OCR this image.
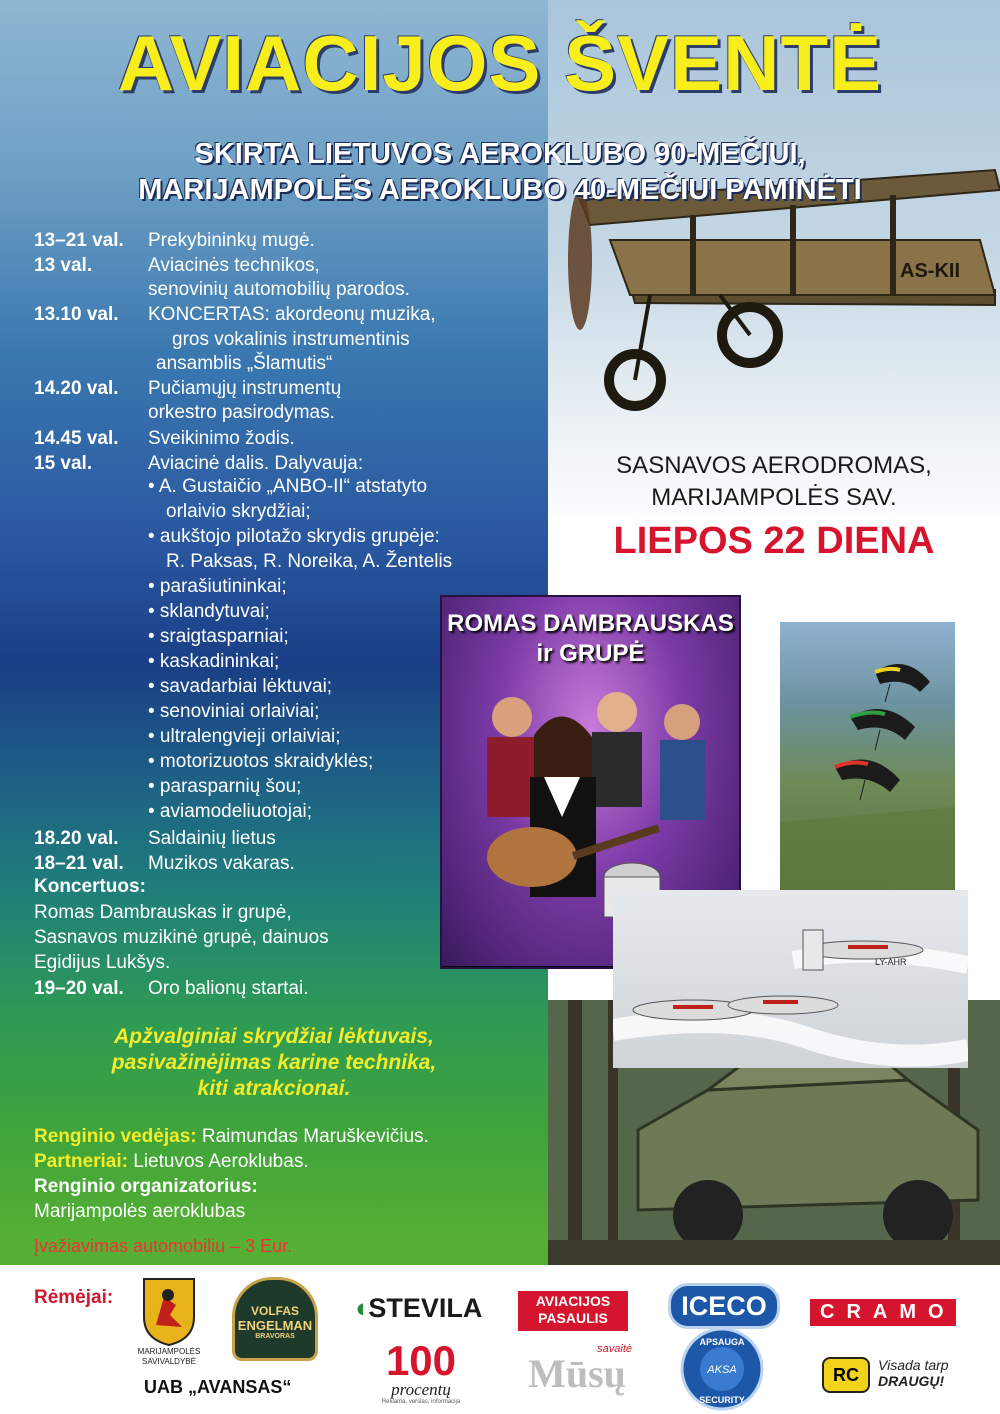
AS-KII
AVIACIJOS ŠVENTĖ
SKIRTA LIETUVOS AEROKLUBO 90-MEČIUI,
MARIJAMPOLĖS AEROKLUBO 40-MEČIUI PAMINĖTI
13–21 val. Prekybininkų mugė.
13 val.	Aviacinės technikos,
senovinių automobilių parodos.
13.10 val. KONCERTAS: akordeonų muzika,
gros vokalinis instrumentinis
ansamblis „Šlamutis“
14.20 val. Pučiamųjų instrumentų
orkestro pasirodymas.
14.45 val. Sveikinimo žodis.
15 val.	Aviacinė dalis. Dalyvauja:
• A. Gustaičio „ANBO-II“ atstatyto
orlaivio skrydžiai;
• aukštojo pilotažo skrydis grupėje:
R. Paksas, R. Noreika, A. Žentelis
• parašiutininkai;
• sklandytuvai;
• sraigtasparniai;
• kaskadininkai;
• savadarbiai lėktuvai;
• senoviniai orlaiviai;
• ultralengvieji orlaiviai;
• motorizuotos skraidyklės;
• parasparnių šou;
• aviamodeliuotojai;
18.20 val. Saldainių lietus
18–21 val. Muzikos vakaras.
Koncertuos:
Romas Dambrauskas ir grupė,
Sasnavos muzikinė grupė, dainuos
Egidijus Lukšys.
19–20 val. Oro balionų startai.
Apžvalginiai skrydžiai lėktuvais,
pasivažinėjimas karine technika,
kiti atrakcionai.
Renginio vedėjas: Raimundas Maruškevičius.
Partneriai: Lietuvos Aeroklubas.
Renginio organizatorius:
Marijampolės aeroklubas
Įvažiavimas automobiliu – 3 Eur.
SASNAVOS AERODROMAS,
MARIJAMPOLĖS SAV.
LIEPOS 22 DIENA
ROMAS DAMBRAUSKAS
ir GRUPĖ
LY-AHR
Rėmėjai:
MARIJAMPOLĖS
SAVIVALDYBĖ
VOLFAS
ENGELMAN
BRAVORAS
◖STEVILA	AVIACIJOS
PASAULIS	ICECO	CRAMO
100
procentų
Reklama, verslas, informacija
savaitė
Mūsų
APSAUGA
AKSA
SECURITY
RC	Visada tarp
DRAUGŲ!
UAB „AVANSAS“
